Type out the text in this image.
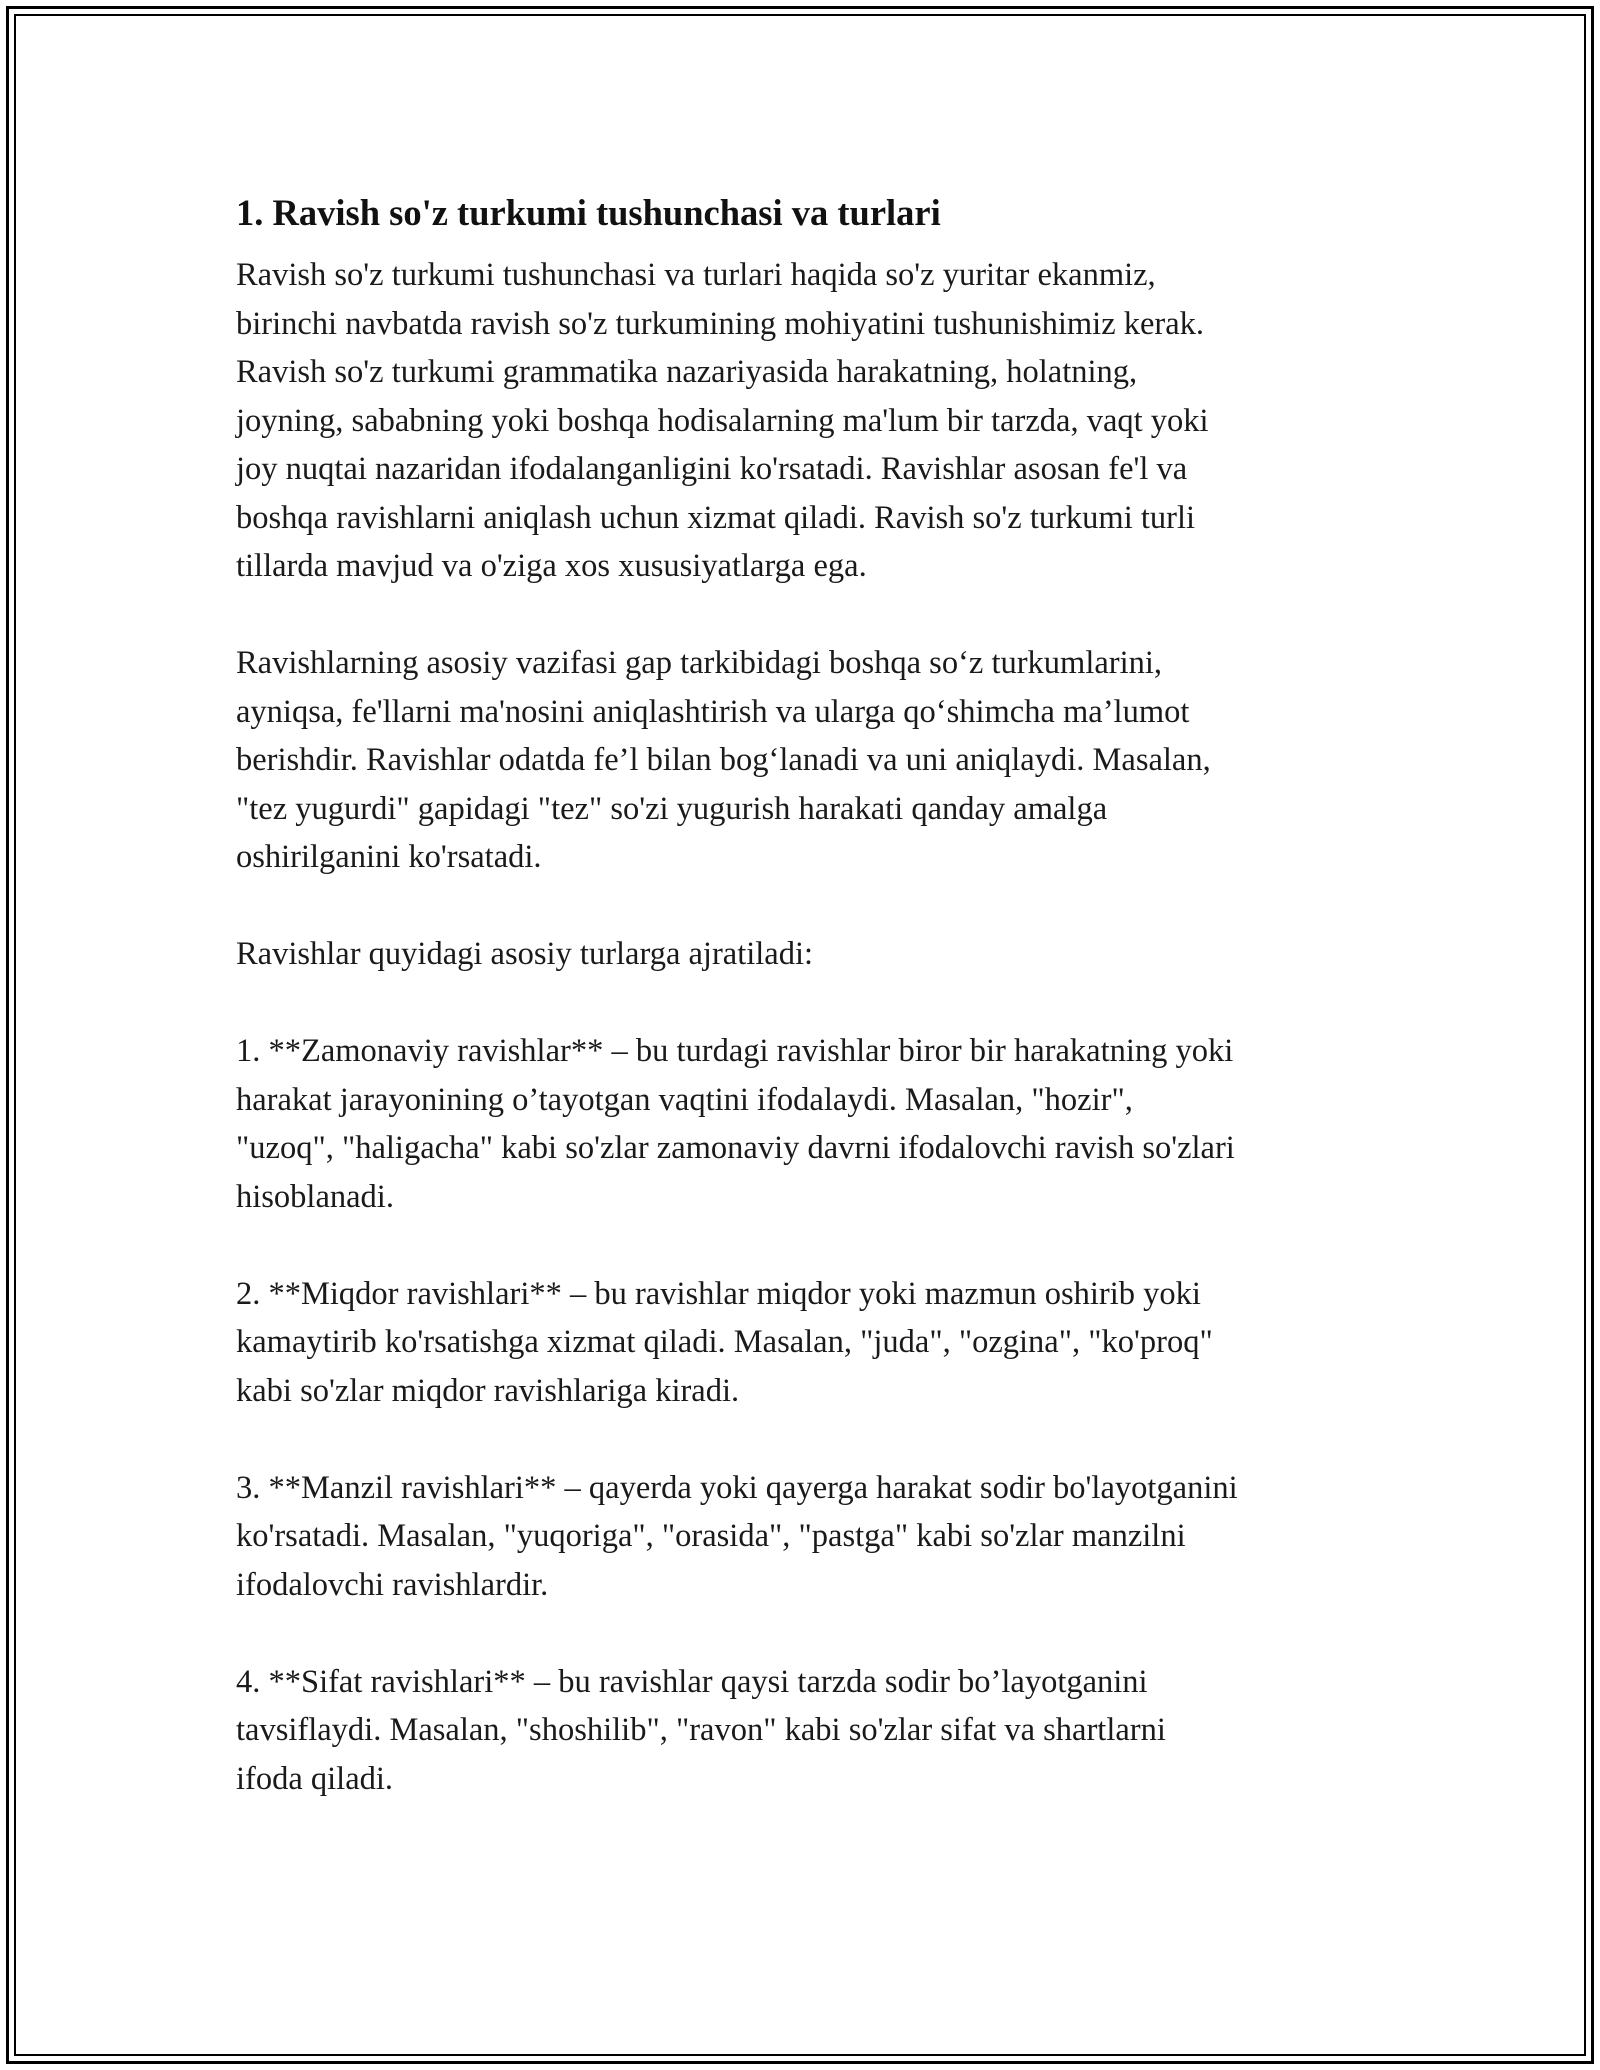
1. Ravish so'z turkumi tushunchasi va turlari

Ravish so'z turkumi tushunchasi va turlari haqida so'z yuritar ekanmiz,
birinchi navbatda ravish so'z turkumining mohiyatini tushunishimiz kerak.
Ravish so'z turkumi grammatika nazariyasida harakatning, holatning,
joyning, sababning yoki boshqa hodisalarning ma'lum bir tarzda, vaqt yoki
joy nuqtai nazaridan ifodalanganligini ko'rsatadi. Ravishlar asosan fe'l va
boshqa ravishlarni aniqlash uchun xizmat qiladi. Ravish so'z turkumi turli
tillarda mavjud va o'ziga xos xususiyatlarga ega.

Ravishlarning asosiy vazifasi gap tarkibidagi boshqa so‘z turkumlarini,
ayniqsa, fe'llarni ma'nosini aniqlashtirish va ularga qo‘shimcha ma’lumot
berishdir. Ravishlar odatda fe’l bilan bog‘lanadi va uni aniqlaydi. Masalan,
"tez yugurdi" gapidagi "tez" so'zi yugurish harakati qanday amalga
oshirilganini ko'rsatadi.

Ravishlar quyidagi asosiy turlarga ajratiladi:

1. **Zamonaviy ravishlar** – bu turdagi ravishlar biror bir harakatning yoki
harakat jarayonining o’tayotgan vaqtini ifodalaydi. Masalan, "hozir",
"uzoq", "haligacha" kabi so'zlar zamonaviy davrni ifodalovchi ravish so'zlari
hisoblanadi.

2. **Miqdor ravishlari** – bu ravishlar miqdor yoki mazmun oshirib yoki
kamaytirib ko'rsatishga xizmat qiladi. Masalan, "juda", "ozgina", "ko'proq"
kabi so'zlar miqdor ravishlariga kiradi.

3. **Manzil ravishlari** – qayerda yoki qayerga harakat sodir bo'layotganini
ko'rsatadi. Masalan, "yuqoriga", "orasida", "pastga" kabi so'zlar manzilni
ifodalovchi ravishlardir.

4. **Sifat ravishlari** – bu ravishlar qaysi tarzda sodir bo’layotganini
tavsiflaydi. Masalan, "shoshilib", "ravon" kabi so'zlar sifat va shartlarni
ifoda qiladi.
